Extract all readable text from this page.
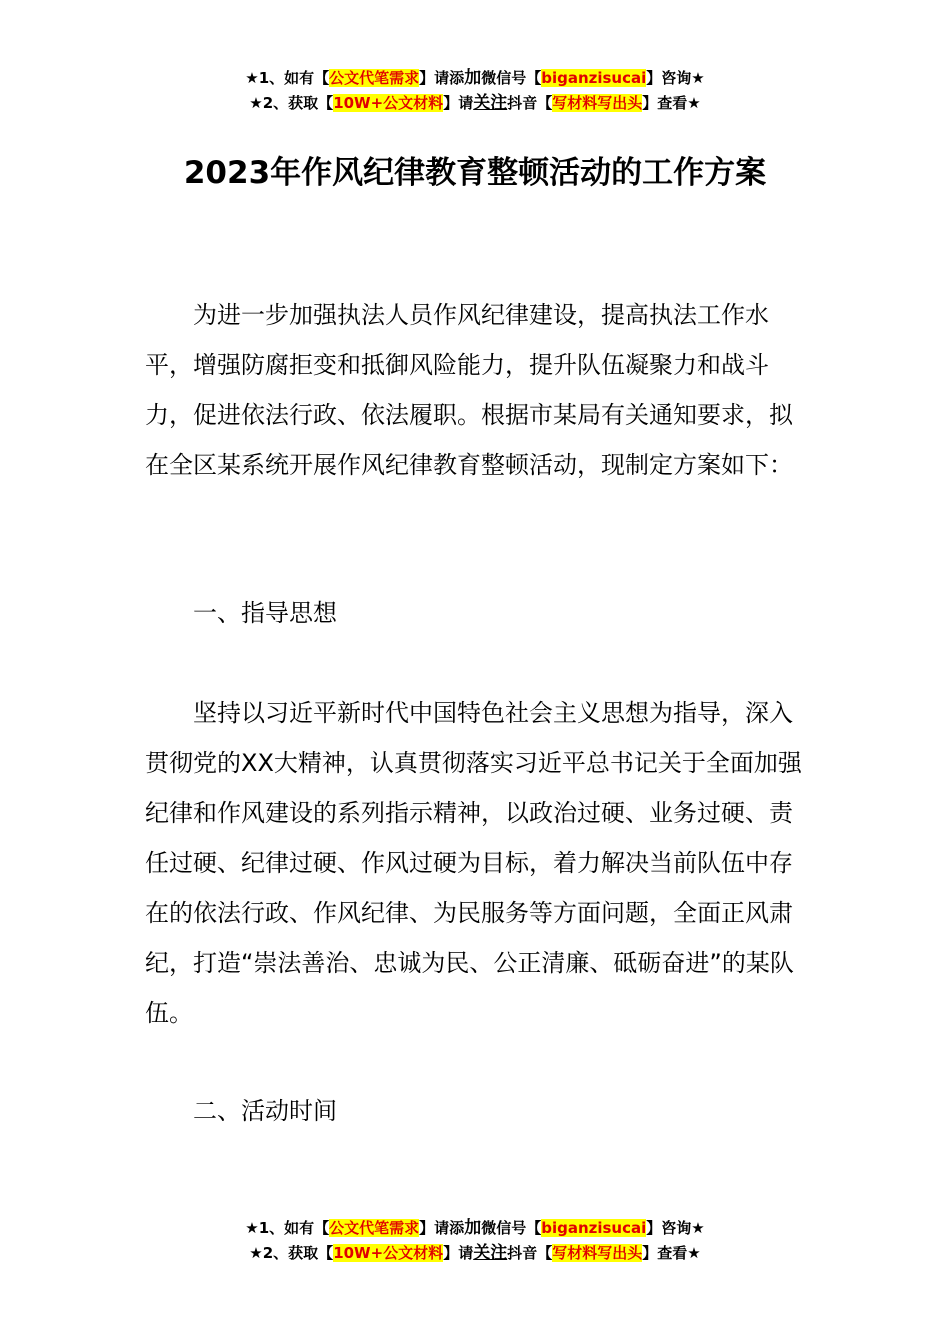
★1、如有【公文代笔需求】请添加微信号【biganzisucai】咨询★
★2、获取【10W+公文材料】请关注抖音【写材料写出头】查看★
2023年作风纪律教育整顿活动的工作方案

为进一步加强执法人员作风纪律建设，提高执法工作水平，增强防腐拒变和抵御风险能力，提升队伍凝聚力和战斗力，促进依法行政、依法履职。根据市某局有关通知要求，拟在全区某系统开展作风纪律教育整顿活动，现制定方案如下：

一、指导思想

坚持以习近平新时代中国特色社会主义思想为指导，深入贯彻党的XX大精神，认真贯彻落实习近平总书记关于全面加强纪律和作风建设的系列指示精神，以政治过硬、业务过硬、责任过硬、纪律过硬、作风过硬为目标，着力解决当前队伍中存在的依法行政、作风纪律、为民服务等方面问题，全面正风肃纪，打造“崇法善治、忠诚为民、公正清廉、砥砺奋进”的某队伍。

二、活动时间
★1、如有【公文代笔需求】请添加微信号【biganzisucai】咨询★
★2、获取【10W+公文材料】请关注抖音【写材料写出头】查看★
